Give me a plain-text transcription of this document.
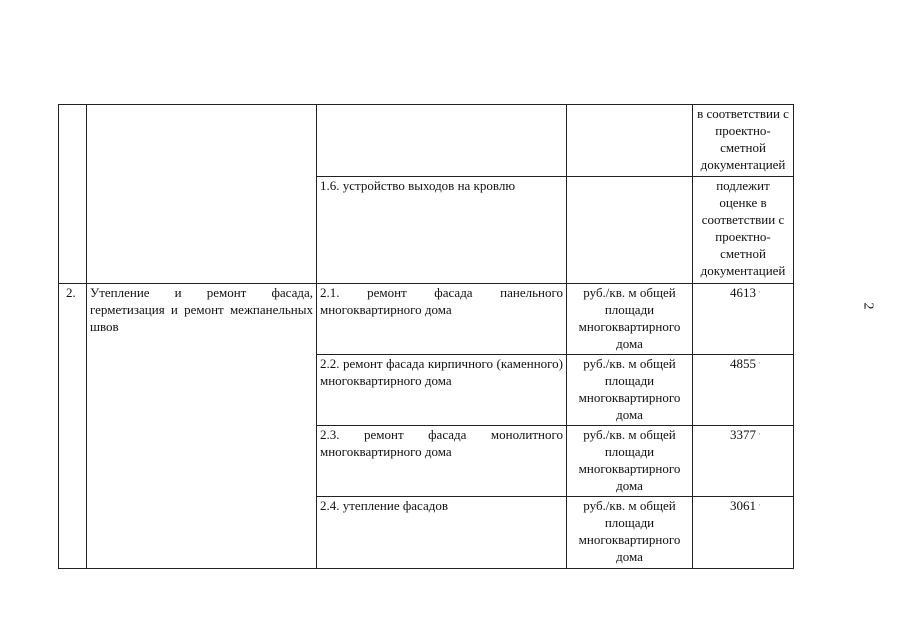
2
				в соответствии с проектно-сметной документацией
		1.6. устройство выходов на кровлю		подлежит оценке в соответствии с проектно-сметной документацией
2.	Утепление и ремонт фасада, герметизация и ремонт межпанельных швов	2.1. ремонт фасада панельного многоквартирного дома	руб./кв. м общей площади многоквартирного дома	4613 ·
		2.2. ремонт фасада кирпичного (каменного) многоквартирного дома	руб./кв. м общей площади многоквартирного дома	4855 ·
		2.3. ремонт фасада монолитного многоквартирного дома	руб./кв. м общей площади многоквартирного дома	3377 ·
		2.4. утепление фасадов	руб./кв. м общей площади многоквартирного дома	3061 ·
